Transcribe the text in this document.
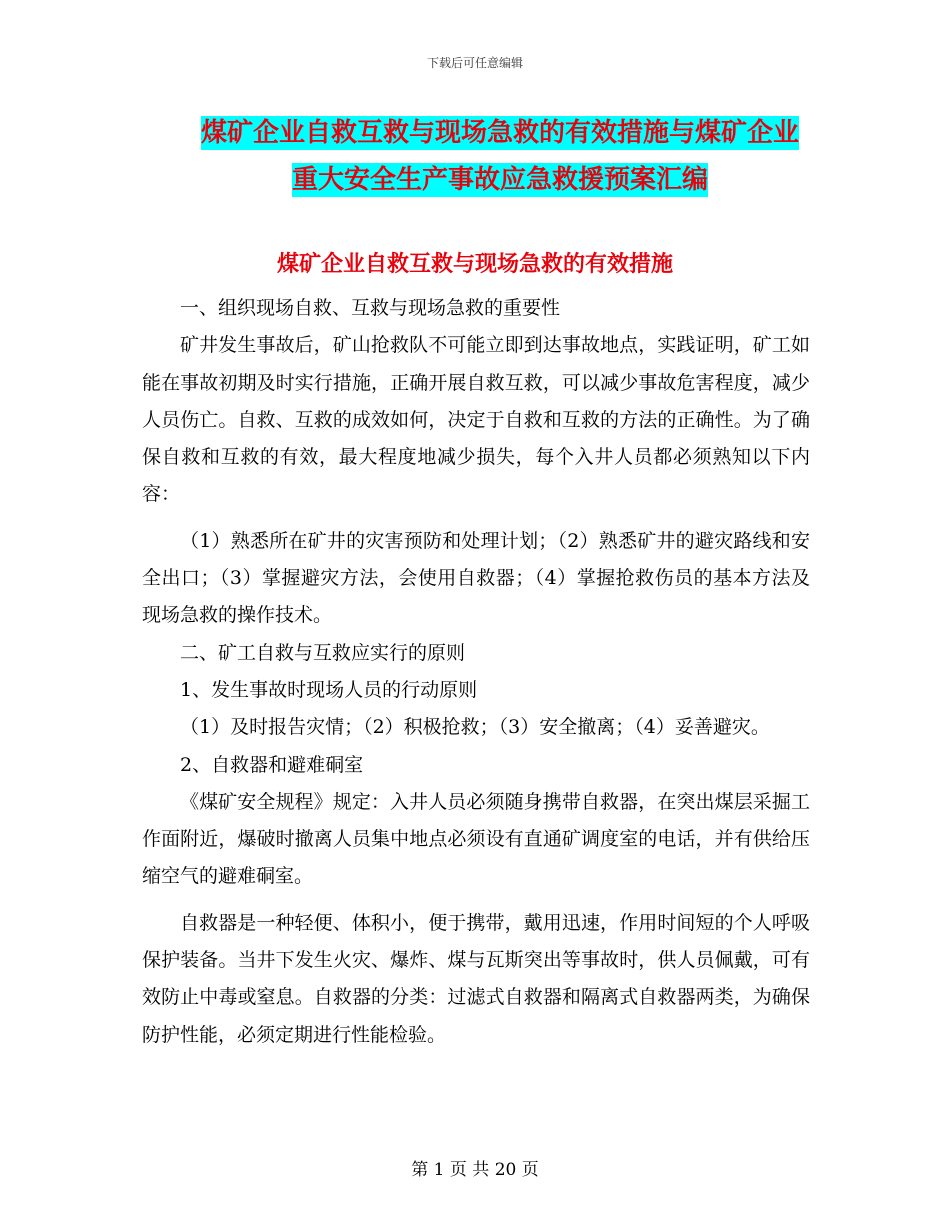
下载后可任意编辑
煤矿企业自救互救与现场急救的有效措施与煤矿企业
重大安全生产事故应急救援预案汇编
煤矿企业自救互救与现场急救的有效措施

一、组织现场自救、互救与现场急救的重要性

矿井发生事故后，矿山抢救队不可能立即到达事故地点，实践证明，矿工如能在事故初期及时实行措施，正确开展自救互救，可以减少事故危害程度，减少人员伤亡。自救、互救的成效如何，决定于自救和互救的方法的正确性。为了确保自救和互救的有效，最大程度地减少损失，每个入井人员都必须熟知以下内容：

（1）熟悉所在矿井的灾害预防和处理计划；（2）熟悉矿井的避灾路线和安全出口；（3）掌握避灾方法，会使用自救器；（4）掌握抢救伤员的基本方法及现场急救的操作技术。

二、矿工自救与互救应实行的原则

1、发生事故时现场人员的行动原则

（1）及时报告灾情；（2）积极抢救；（3）安全撤离；（4）妥善避灾。

2、自救器和避难硐室

《煤矿安全规程》规定：入井人员必须随身携带自救器，在突出煤层采掘工作面附近，爆破时撤离人员集中地点必须设有直通矿调度室的电话，并有供给压缩空气的避难硐室。

自救器是一种轻便、体积小，便于携带，戴用迅速，作用时间短的个人呼吸保护装备。当井下发生火灾、爆炸、煤与瓦斯突出等事故时，供人员佩戴，可有效防止中毒或窒息。自救器的分类：过滤式自救器和隔离式自救器两类，为确保防护性能，必须定期进行性能检验。

第 1 页 共 20 页
